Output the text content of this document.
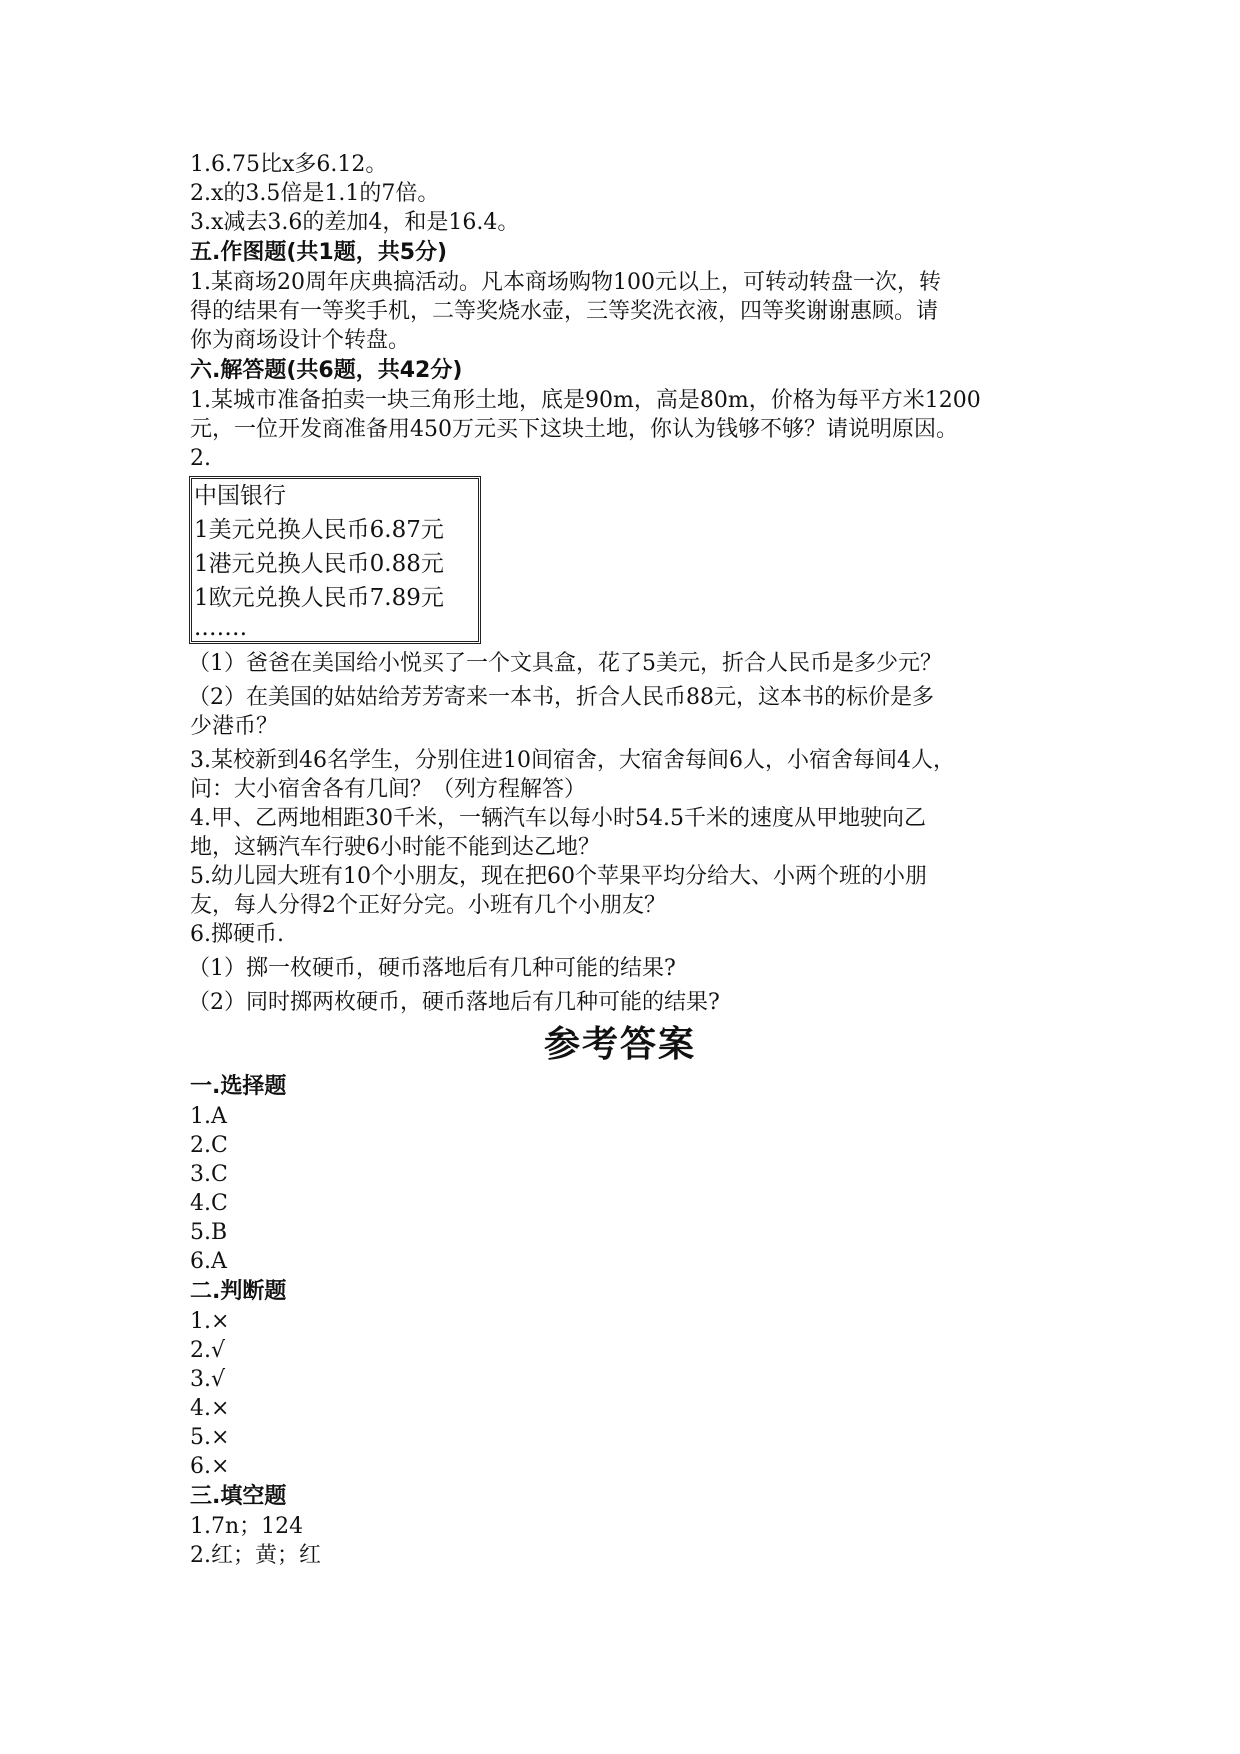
1.6.75比x多6.12。
2.x的3.5倍是1.1的7倍。
3.x减去3.6的差加4，和是16.4。
五.作图题(共1题，共5分)
1.某商场20周年庆典搞活动。凡本商场购物100元以上，可转动转盘一次，转
得的结果有一等奖手机，二等奖烧水壶，三等奖洗衣液，四等奖谢谢惠顾。请
你为商场设计个转盘。
六.解答题(共6题，共42分)
1.某城市准备拍卖一块三角形土地，底是90m，高是80m，价格为每平方米1200
元，一位开发商准备用450万元买下这块土地，你认为钱够不够？请说明原因。
2.
中国银行
1美元兑换人民币6.87元
1港元兑换人民币0.88元
1欧元兑换人民币7.89元
.……
（1）爸爸在美国给小悦买了一个文具盒，花了5美元，折合人民币是多少元？
（2）在美国的姑姑给芳芳寄来一本书，折合人民币88元，这本书的标价是多
少港币？
3.某校新到46名学生，分别住进10间宿舍，大宿舍每间6人，小宿舍每间4人，
问：大小宿舍各有几间？（列方程解答）
4.甲、乙两地相距30千米，一辆汽车以每小时54.5千米的速度从甲地驶向乙
地，这辆汽车行驶6小时能不能到达乙地？
5.幼儿园大班有10个小朋友，现在把60个苹果平均分给大、小两个班的小朋
友，每人分得2个正好分完。小班有几个小朋友？
6.掷硬币.
（1）掷一枚硬币，硬币落地后有几种可能的结果?
（2）同时掷两枚硬币，硬币落地后有几种可能的结果?
参考答案
一.选择题
1.A
2.C
3.C
4.C
5.B
6.A
二.判断题
1.×
2.√
3.√
4.×
5.×
6.×
三.填空题
1.7n；124
2.红；黄；红
